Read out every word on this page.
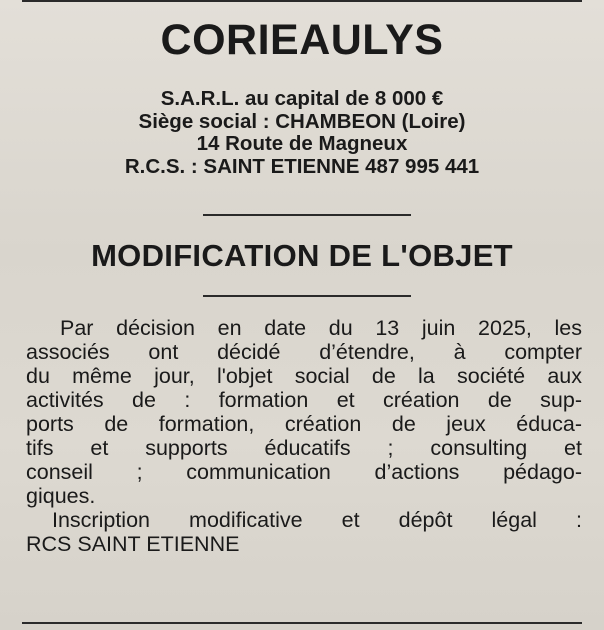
CORIEAULYS
S.A.R.L. au capital de 8 000 €
Siège social : CHAMBEON (Loire)
14 Route de Magneux
R.C.S. : SAINT ETIENNE 487 995 441
MODIFICATION DE L'OBJET
Par décision en date du 13 juin 2025, les
associés ont décidé d’étendre, à compter
du même jour, l'objet social de la société aux
activités de : formation et création de sup-
ports de formation, création de jeux éduca-
tifs et supports éducatifs ; consulting et
conseil ; communication d’actions pédago-
giques.
Inscription modificative et dépôt légal :
RCS SAINT ETIENNE
